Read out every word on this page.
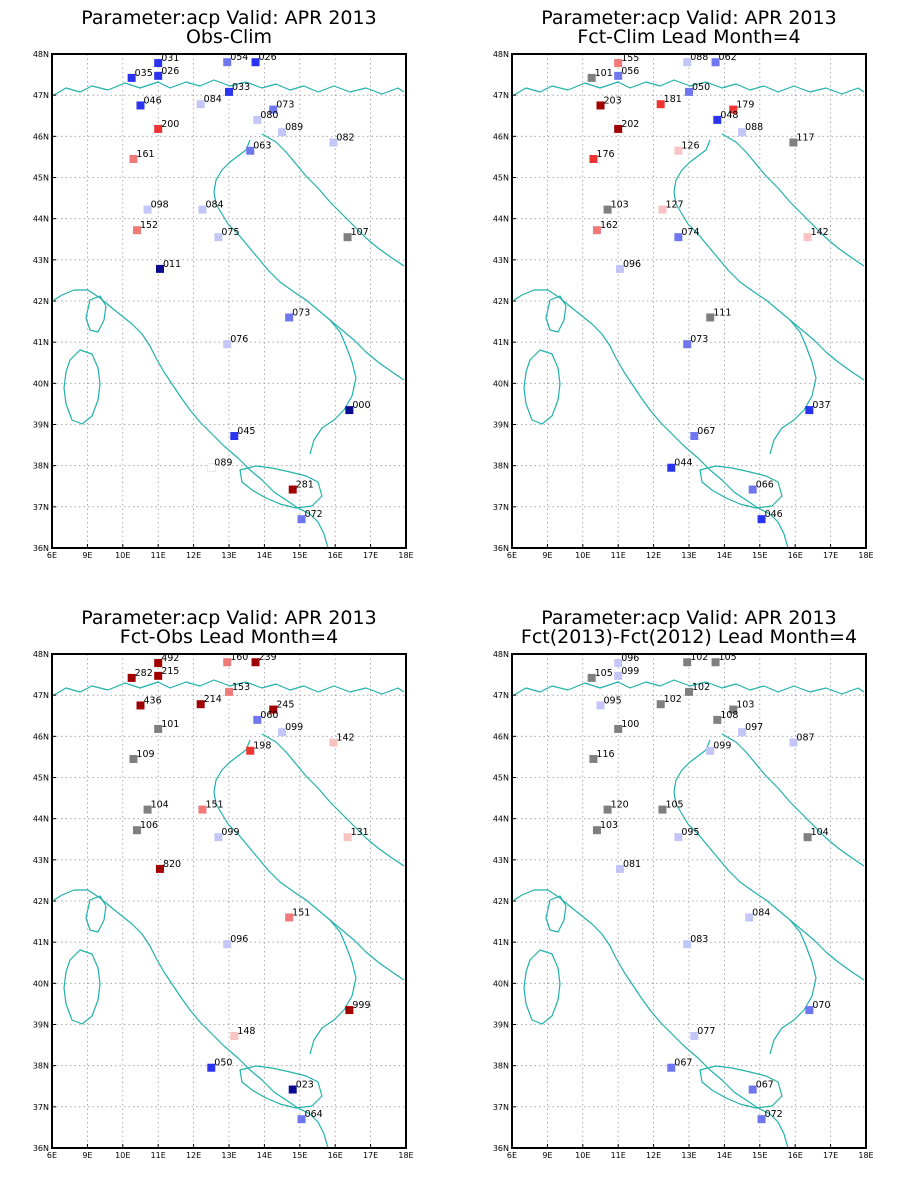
Parameter:acp Valid: APR 2013
Obs-Clim
6E	9E	10E	11E	12E	13E	14E	15E	16E	17E	18E
36N
37N
38N
39N
40N
41N
42N
43N
44N
45N
46N
47N
48N	031	054 026
035 026
033
046	084	073
080
200	089
082
063
161
098	084
152
075	107
011
073
076
000
045
089
281
072
Parameter:acp Valid: APR 2013
Fct-Clim Lead Month=4
6E	9E	10E	11E	12E	13E	14E	15E	16E	17E	18E
36N
37N
38N
39N
40N
41N
42N
43N
44N
45N
46N
47N
48N	155	088 062
101 056
050
203	181	179
048
202	088
117
126
176
103	127
162
074	142
096
111
073
037
067
044
066
046
Parameter:acp Valid: APR 2013
Fct-Obs Lead Month=4
6E	9E	10E	11E	12E	13E	14E	15E	16E	17E	18E
36N
37N
38N
39N
40N
41N
42N
43N
44N
45N
46N
47N
48N	492	160 239
282 215
153
436	214	245
060
101	099
142
198
109
104	151
106
099	131
820
151
096
999
148
050
023
064
Parameter:acp Valid: APR 2013
Fct(2013)-Fct(2012) Lead Month=4
6E	9E	10E	11E	12E	13E	14E	15E	16E	17E	18E
36N
37N
38N
39N
40N
41N
42N
43N
44N
45N
46N
47N
48N	096	102 105
105 099
102
095	102	103
108
100	097
087
099
116
120	105
103
095	104
081
084
083
070
077
067
067
072
